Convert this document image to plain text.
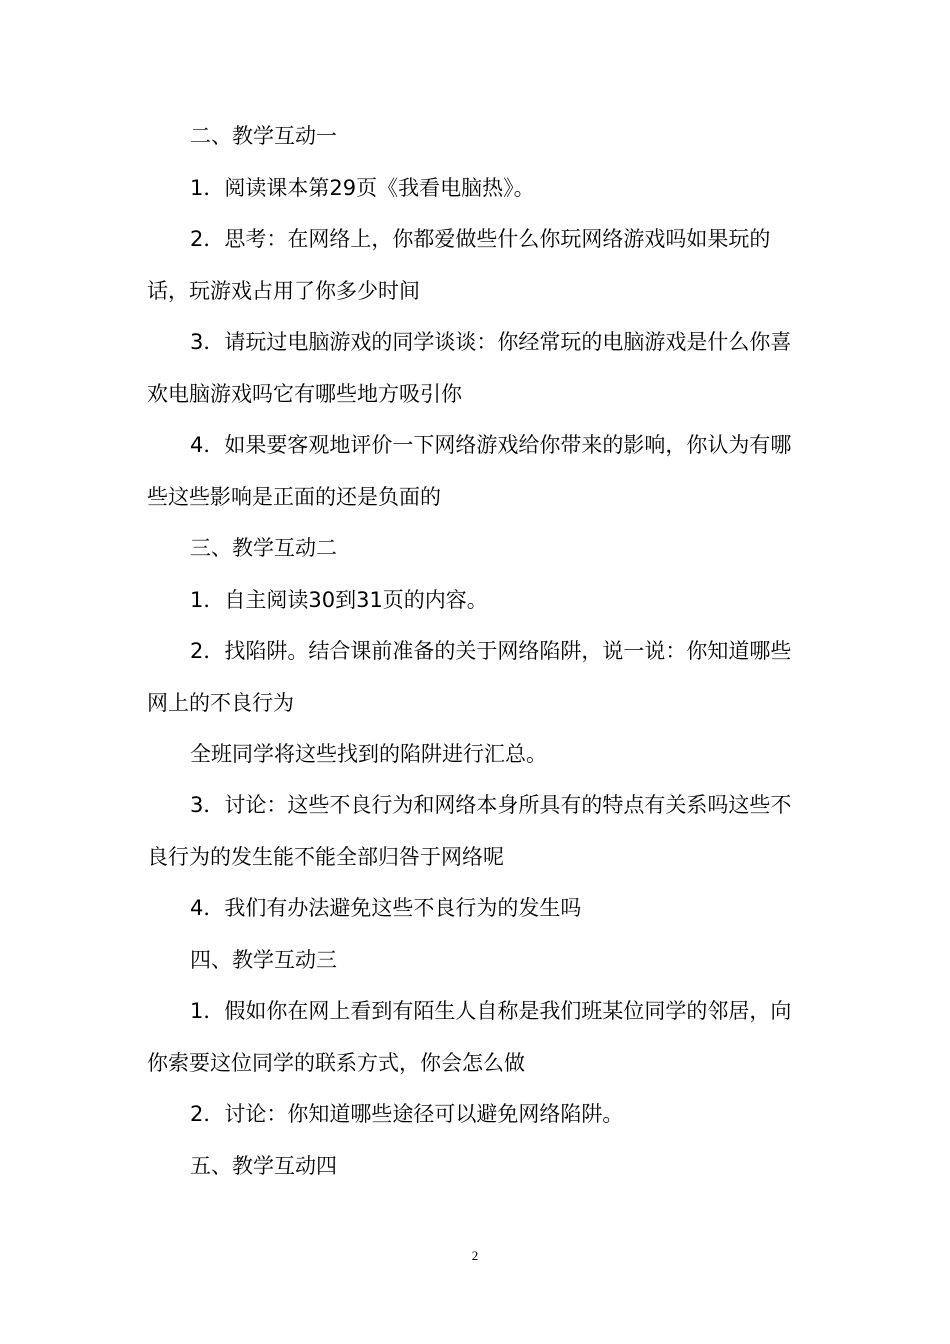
二、教学互动一

1．阅读课本第29页《我看电脑热》。

2．思考：在网络上，你都爱做些什么你玩网络游戏吗如果玩的话，玩游戏占用了你多少时间

3．请玩过电脑游戏的同学谈谈：你经常玩的电脑游戏是什么你喜欢电脑游戏吗它有哪些地方吸引你

4．如果要客观地评价一下网络游戏给你带来的影响，你认为有哪些这些影响是正面的还是负面的

三、教学互动二

1．自主阅读30到31页的内容。

2．找陷阱。结合课前准备的关于网络陷阱，说一说：你知道哪些网上的不良行为

全班同学将这些找到的陷阱进行汇总。

3．讨论：这些不良行为和网络本身所具有的特点有关系吗这些不良行为的发生能不能全部归咎于网络呢

4．我们有办法避免这些不良行为的发生吗

四、教学互动三

1．假如你在网上看到有陌生人自称是我们班某位同学的邻居，向你索要这位同学的联系方式，你会怎么做

2．讨论：你知道哪些途径可以避免网络陷阱。

五、教学互动四

2
